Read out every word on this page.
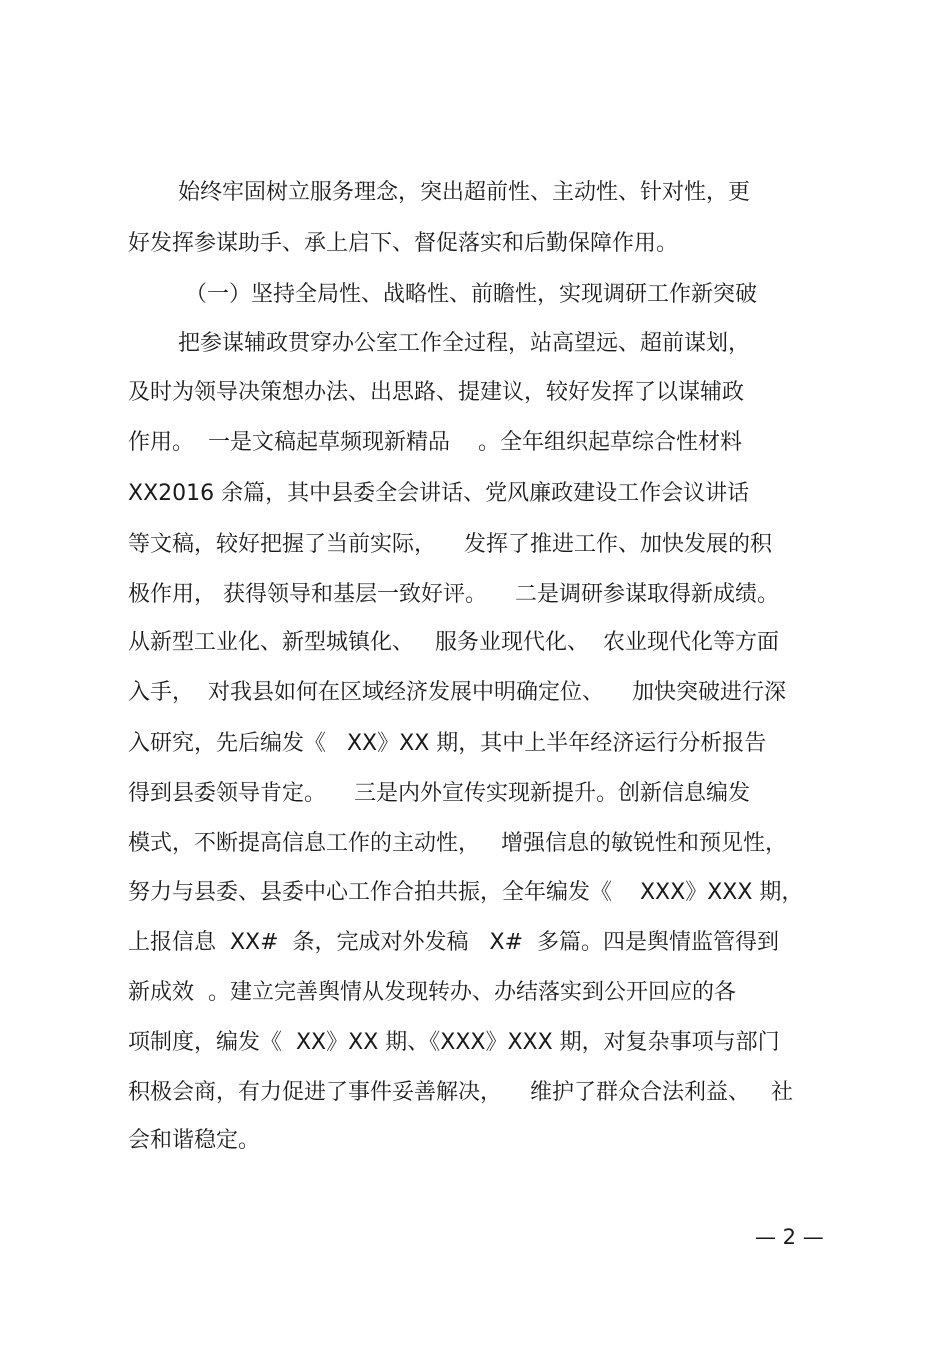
始终牢固树立服务理念，突出超前性、主动性、针对性，更

好发挥参谋助手、承上启下、督促落实和后勤保障作用。

（一）坚持全局性、战略性、前瞻性，实现调研工作新突破

把参谋辅政贯穿办公室工作全过程，站高望远、超前谋划，

及时为领导决策想办法、出思路、提建议，较好发挥了以谋辅政

作用。  一是文稿起草频现新精品    。全年组织起草综合性材料

XX2016 余篇，其中县委全会讲话、党风廉政建设工作会议讲话

等文稿，较好把握了当前实际，    发挥了推进工作、加快发展的积

极作用， 获得领导和基层一致好评。    二是调研参谋取得新成绩。

从新型工业化、新型城镇化、   服务业现代化、  农业现代化等方面

入手，  对我县如何在区域经济发展中明确定位、    加快突破进行深

入研究，先后编发《   XX》XX 期，其中上半年经济运行分析报告

得到县委领导肯定。    三是内外宣传实现新提升。创新信息编发

模式，不断提高信息工作的主动性，   增强信息的敏锐性和预见性，

努力与县委、县委中心工作合拍共振，全年编发《    XXX》XXX 期，

上报信息  XX#  条，完成对外发稿   X#  多篇。四是舆情监管得到

新成效  。建立完善舆情从发现转办、办结落实到公开回应的各

项制度，编发《  XX》XX 期、《XXX》XXX 期，对复杂事项与部门

积极会商，有力促进了事件妥善解决，    维护了群众合法利益、   社

会和谐稳定。

— 2 —
